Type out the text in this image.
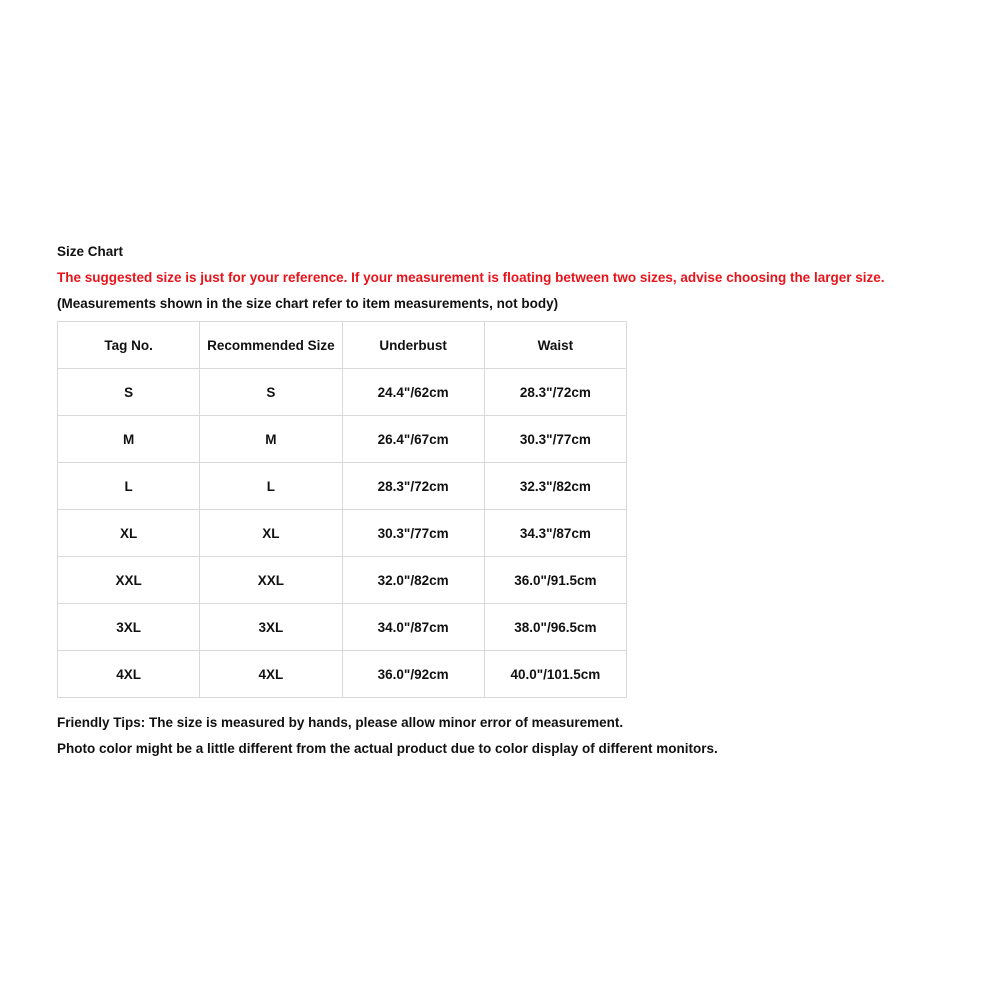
Size Chart
The suggested size is just for your reference. If your measurement is floating between two sizes, advise choosing the larger size.
(Measurements shown in the size chart refer to item measurements, not body)
Tag No.	Recommended Size	Underbust	Waist
S	S	24.4"/62cm	28.3"/72cm
M	M	26.4"/67cm	30.3"/77cm
L	L	28.3"/72cm	32.3"/82cm
XL	XL	30.3"/77cm	34.3"/87cm
XXL	XXL	32.0"/82cm	36.0"/91.5cm
3XL	3XL	34.0"/87cm	38.0"/96.5cm
4XL	4XL	36.0"/92cm	40.0"/101.5cm
Friendly Tips: The size is measured by hands, please allow minor error of measurement.
Photo color might be a little different from the actual product due to color display of different monitors.
